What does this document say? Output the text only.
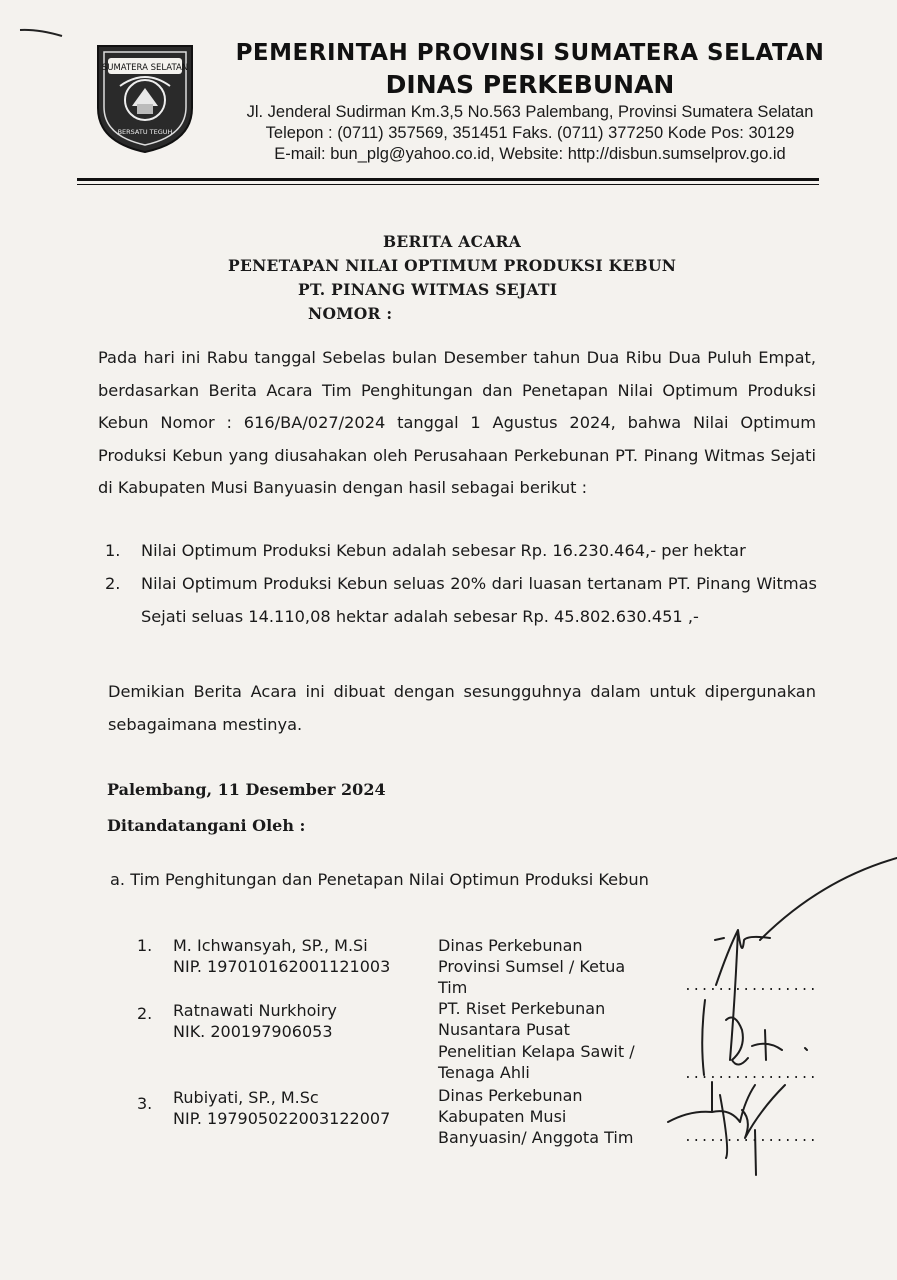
SUMATERA SELATAN
BERSATU TEGUH
PEMERINTAH PROVINSI SUMATERA SELATAN
DINAS PERKEBUNAN
Jl. Jenderal Sudirman Km.3,5 No.563 Palembang, Provinsi Sumatera Selatan
Telepon : (0711) 357569, 351451 Faks. (0711) 377250 Kode Pos: 30129
E-mail: bun_plg@yahoo.co.id, Website: http://disbun.sumselprov.go.id
BERITA ACARA
PENETAPAN NILAI OPTIMUM PRODUKSI KEBUN
PT. PINANG WITMAS SEJATI
NOMOR :
Pada hari ini Rabu tanggal Sebelas bulan Desember tahun Dua Ribu Dua Puluh Empat, berdasarkan Berita Acara Tim Penghitungan dan Penetapan Nilai Optimum Produksi Kebun Nomor : 616/BA/027/2024 tanggal 1 Agustus 2024, bahwa Nilai Optimum Produksi Kebun yang diusahakan oleh Perusahaan Perkebunan PT. Pinang Witmas Sejati di Kabupaten Musi Banyuasin dengan hasil sebagai berikut :
1. Nilai Optimum Produksi Kebun adalah sebesar Rp. 16.230.464,- per hektar
2. Nilai Optimum Produksi Kebun seluas 20% dari luasan tertanam PT. Pinang Witmas Sejati seluas 14.110,08 hektar adalah sebesar Rp. 45.802.630.451 ,-
Demikian Berita Acara ini dibuat dengan sesungguhnya dalam untuk dipergunakan sebagaimana mestinya.
Palembang, 11 Desember 2024
Ditandatangani Oleh :
a. Tim Penghitungan dan Penetapan Nilai Optimun Produksi Kebun
1. M. Ichwansyah, SP., M.Si
NIP. 197010162001121003
Dinas Perkebunan
Provinsi Sumsel / Ketua
Tim	................
2. Ratnawati Nurkhoiry
NIK. 200197906053
PT. Riset Perkebunan
Nusantara Pusat
Penelitian Kelapa Sawit /
Tenaga Ahli	................
3. Rubiyati, SP., M.Sc
NIP. 197905022003122007
Dinas Perkebunan
Kabupaten Musi
Banyuasin/ Anggota Tim	................
